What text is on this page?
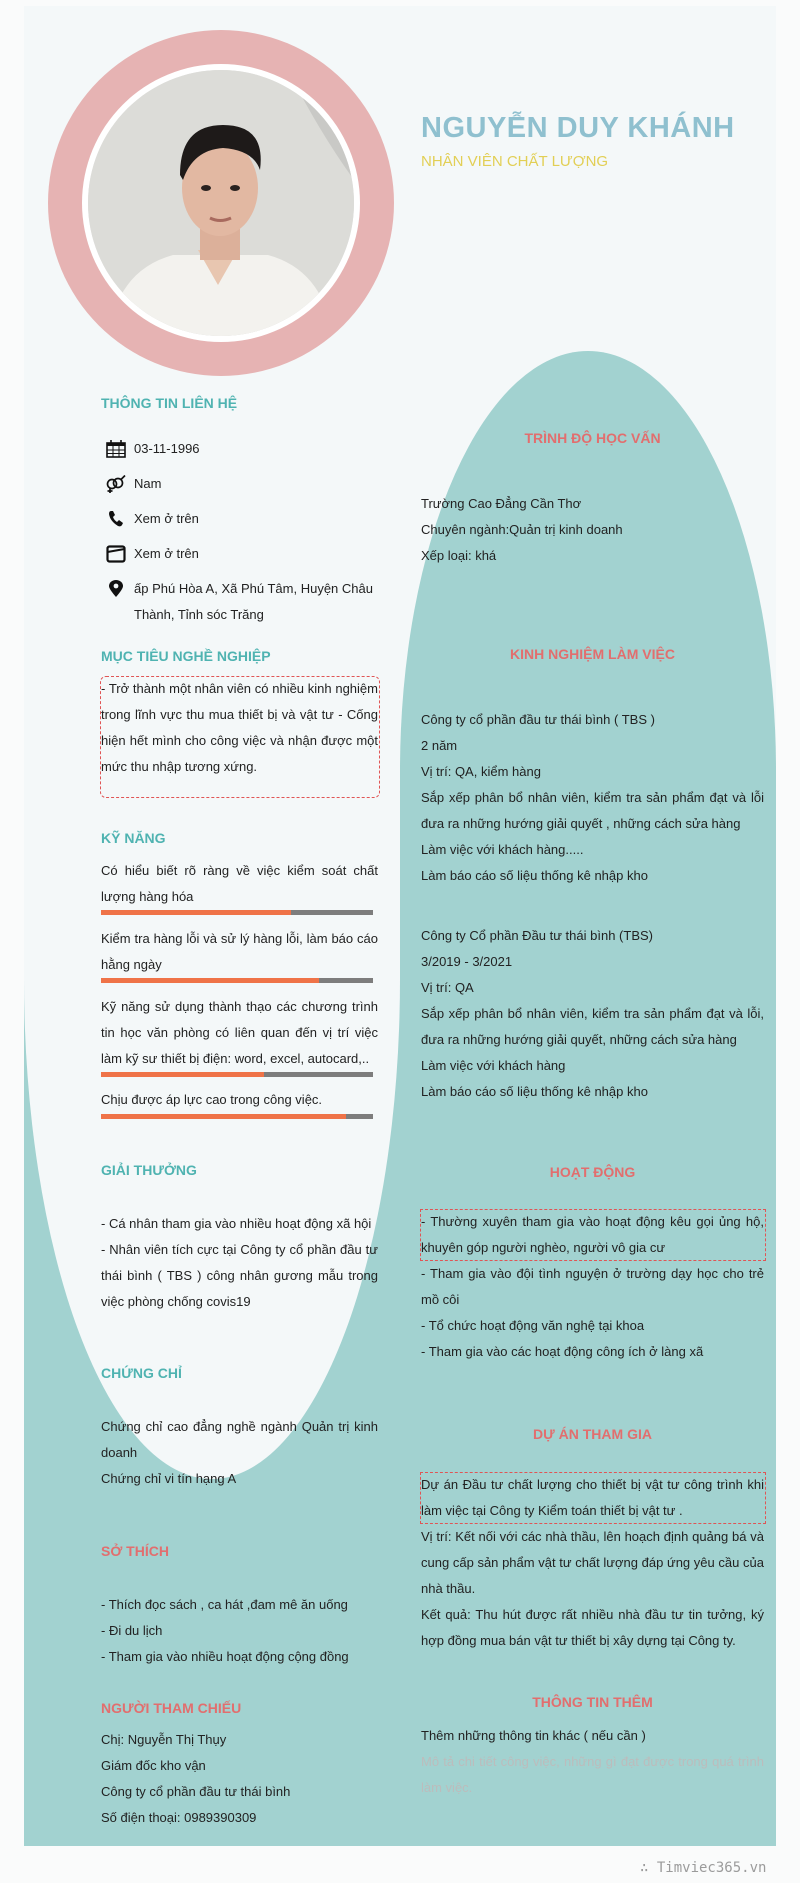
NGUYỄN DUY KHÁNH
NHÂN VIÊN CHẤT LƯỢNG
THÔNG TIN LIÊN HỆ
03-11-1996
Nam
Xem ở trên
Xem ở trên
ấp Phú Hòa A, Xã Phú Tâm, Huyện Châu Thành, Tỉnh sóc Trăng
MỤC TIÊU NGHỀ NGHIỆP
- Trở thành một nhân viên có nhiều kinh nghiệm trong lĩnh vực thu mua thiết bị và vật tư - Cống hiện hết mình cho công việc và nhận được một mức thu nhập tương xứng.
KỸ NĂNG
Có hiểu biết rõ ràng về việc kiểm soát chất lượng hàng hóa
Kiểm tra hàng lỗi và sử lý hàng lỗi, làm báo cáo hằng ngày
Kỹ năng sử dụng thành thạo các chương trình tin học văn phòng có liên quan đến vị trí việc làm kỹ sư thiết bị điện: word, excel, autocard,..
Chịu được áp lực cao trong công việc.
GIẢI THƯỞNG
- Cá nhân tham gia vào nhiều hoạt động xã hội
- Nhân viên tích cực tại Công ty cổ phần đầu tư thái bình ( TBS ) công nhân gương mẫu trong việc phòng chống covis19
CHỨNG CHỈ
Chứng chỉ cao đẳng nghề ngành Quản trị kinh doanh
Chứng chỉ vi tín hạng A
SỞ THÍCH
- Thích đọc sách , ca hát ,đam mê ăn uống
- Đi du lịch
- Tham gia vào nhiều hoạt động cộng đồng
NGƯỜI THAM CHIẾU
Chị: Nguyễn Thị Thụy
Giám đốc kho vận
Công ty cổ phần đầu tư thái bình
Số điện thoại: 0989390309
TRÌNH ĐỘ HỌC VẤN
Trường Cao Đẳng Cần Thơ
Chuyên ngành:Quản trị kinh doanh
Xếp loại: khá
KINH NGHIỆM LÀM VIỆC
Công ty cổ phần đầu tư thái bình ( TBS )
2 năm
Vị trí: QA, kiểm hàng
Sắp xếp phân bổ nhân viên, kiểm tra sản phẩm đạt và lỗi đưa ra những hướng giải quyết , những cách sửa hàng
Làm việc với khách hàng.....
Làm báo cáo số liệu thống kê nhập kho
Công ty Cổ phần Đầu tư thái bình (TBS)
3/2019 - 3/2021
Vị trí: QA
Sắp xếp phân bổ nhân viên, kiểm tra sản phẩm đạt và lỗi, đưa ra những hướng giải quyết, những cách sửa hàng
Làm việc với khách hàng
Làm báo cáo số liệu thống kê nhập kho
HOẠT ĐỘNG
- Thường xuyên tham gia vào hoạt động kêu gọi ủng hộ, khuyên góp người nghèo, người vô gia cư
- Tham gia vào đội tình nguyện ở trường dạy học cho trẻ mồ côi
- Tổ chức hoạt động văn nghệ tại khoa
- Tham gia vào các hoạt động công ích ở làng xã
DỰ ÁN THAM GIA
Dự án Đầu tư chất lượng cho thiết bị vật tư công trình khi làm việc tại Công ty Kiểm toán thiết bị vật tư .
Vị trí: Kết nối với các nhà thầu, lên hoạch định quảng bá và cung cấp sản phẩm vật tư chất lượng đáp ứng yêu cầu của nhà thầu.
Kết quả: Thu hút được rất nhiều nhà đầu tư tin tưởng, ký hợp đồng mua bán vật tư thiết bị xây dựng tại Công ty.
THÔNG TIN THÊM
Thêm những thông tin khác ( nếu cần )
Mô tả chi tiết công việc, những gì đạt được trong quá trình làm việc.
∴ Timviec365.vn
